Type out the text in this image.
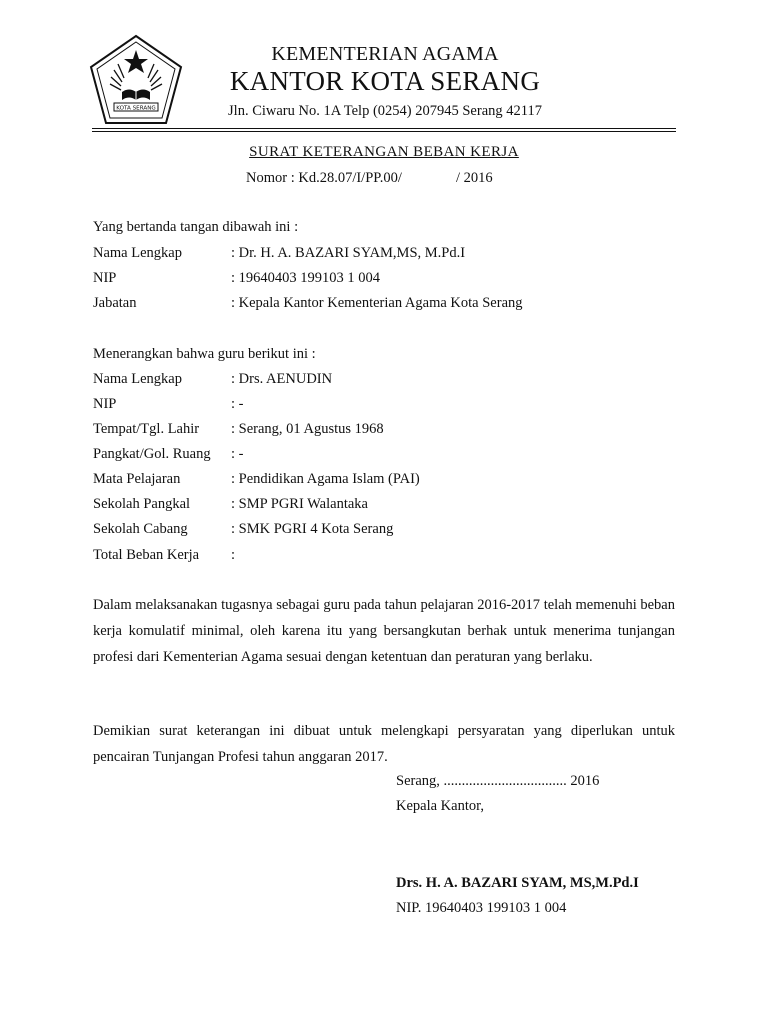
KOTA SERANG
KEMENTERIAN AGAMA
KANTOR KOTA SERANG
Jln. Ciwaru No. 1A Telp (0254) 207945 Serang 42117
SURAT KETERANGAN BEBAN KERJA
Nomor : Kd.28.07/I/PP.00/	/ 2016
Yang bertanda tangan dibawah ini :
Nama Lengkap	: Dr. H. A. BAZARI SYAM,MS, M.Pd.I
NIP	: 19640403 199103 1 004
Jabatan	: Kepala Kantor Kementerian Agama Kota Serang
Menerangkan bahwa guru berikut ini :
Nama Lengkap	: Drs. AENUDIN
NIP	: -
Tempat/Tgl. Lahir : Serang, 01 Agustus 1968
Pangkat/Gol. Ruang : -
Mata Pelajaran	: Pendidikan Agama Islam (PAI)
Sekolah Pangkal	: SMP PGRI Walantaka
Sekolah Cabang	: SMK PGRI 4 Kota Serang
Total Beban Kerja :
Dalam melaksanakan tugasnya sebagai guru pada tahun pelajaran 2016-2017 telah memenuhi beban kerja komulatif minimal, oleh karena itu yang bersangkutan berhak untuk menerima tunjangan profesi dari Kementerian Agama sesuai dengan ketentuan dan peraturan yang berlaku.
Demikian surat keterangan ini dibuat untuk melengkapi persyaratan yang diperlukan untuk pencairan Tunjangan Profesi tahun anggaran 2017.
Serang, .................................. 2016
Kepala Kantor,
Drs. H. A. BAZARI SYAM, MS,M.Pd.I
NIP. 19640403 199103 1 004
